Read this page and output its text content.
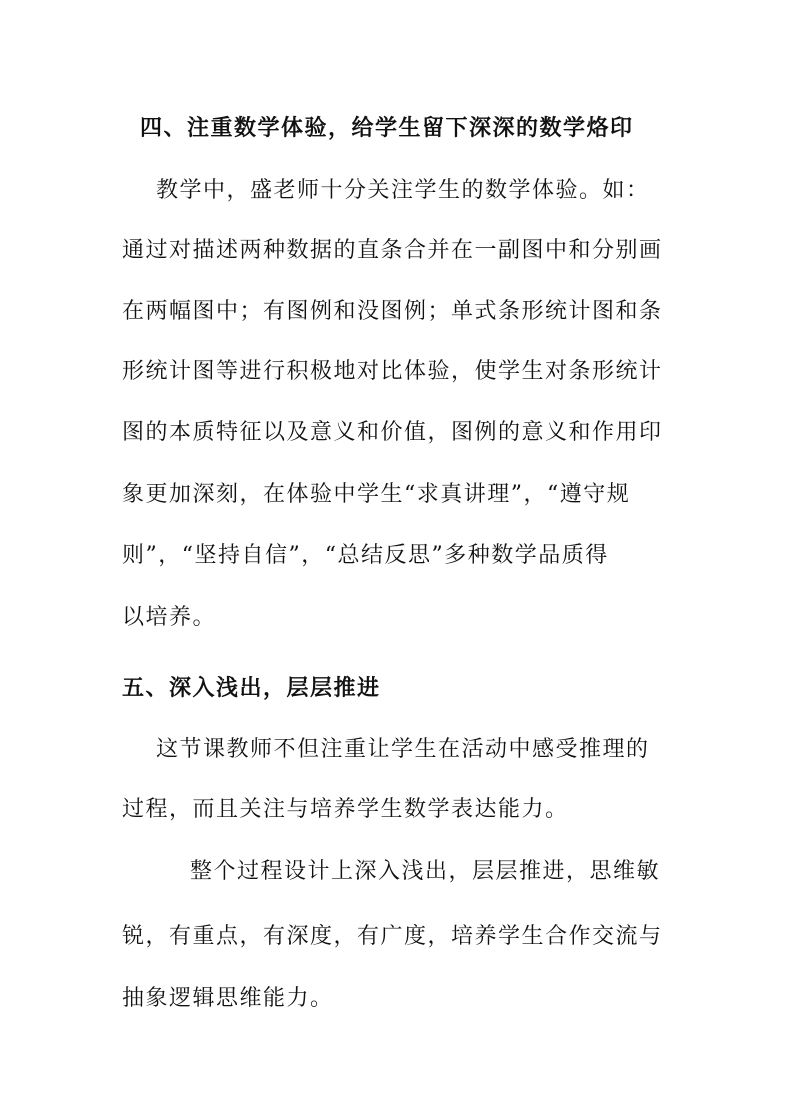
四、注重数学体验，给学生留下深深的数学烙印
教学中，盛老师十分关注学生的数学体验。如：
通过对描述两种数据的直条合并在一副图中和分别画
在两幅图中；有图例和没图例；单式条形统计图和条
形统计图等进行积极地对比体验，使学生对条形统计
图的本质特征以及意义和价值，图例的意义和作用印
象更加深刻，在体验中学生“求真讲理”，“遵守规
则”，“坚持自信”，“总结反思”多种数学品质得
以培养。
五、深入浅出，层层推进
这节课教师不但注重让学生在活动中感受推理的
过程，而且关注与培养学生数学表达能力。
整个过程设计上深入浅出，层层推进，思维敏
锐，有重点，有深度，有广度，培养学生合作交流与
抽象逻辑思维能力。
